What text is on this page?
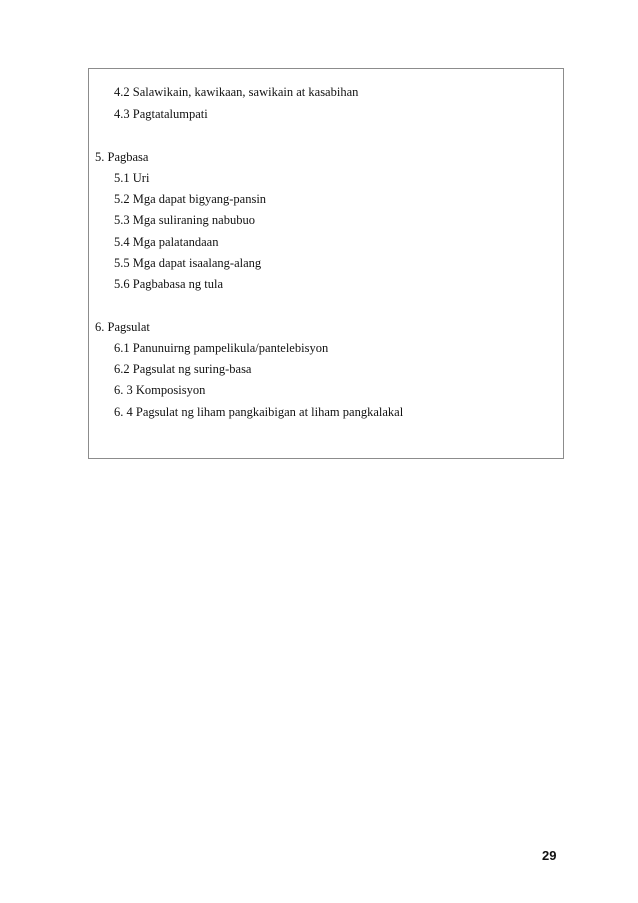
4.2 Salawikain, kawikaan, sawikain at kasabihan
4.3 Pagtatalumpati
5. Pagbasa
5.1 Uri
5.2 Mga dapat bigyang-pansin
5.3 Mga suliraning nabubuo
5.4 Mga palatandaan
5.5 Mga dapat isaalang-alang
5.6 Pagbabasa ng tula
6. Pagsulat
6.1 Panunuirng pampelikula/pantelebisyon
6.2 Pagsulat ng suring-basa
6. 3 Komposisyon
6. 4 Pagsulat ng liham pangkaibigan at liham pangkalakal
29
